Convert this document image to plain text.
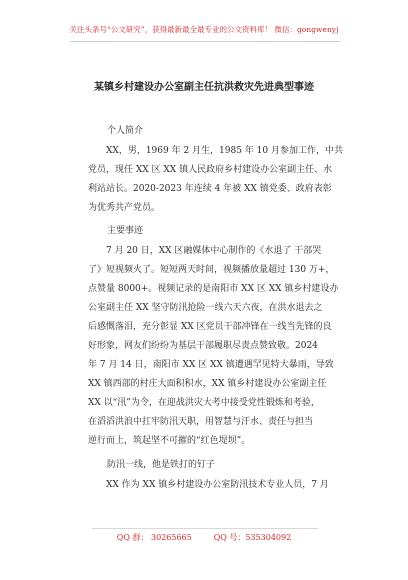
关注头条号“公文研究”，获得最新最全最专业的公文资料库！ 微信：gongwenyj
某镇乡村建设办公室副主任抗洪救灾先进典型事迹
个人简介
XX，男，1969 年 2 月生，1985 年 10 月参加工作，中共
党员，现任 XX 区 XX 镇人民政府乡村建设办公室副主任、水
利站站长。2020-2023 年连续 4 年被 XX 镇党委、政府表彰
为优秀共产党员。
主要事迹
7 月 20 日，XX 区融媒体中心制作的《水退了 干部哭
了》短视频火了。短短两天时间，视频播放量超过 130 万+，
点赞量 8000+。视频记录的是南阳市 XX 区 XX 镇乡村建设办
公室副主任 XX 坚守防汛抢险一线六天六夜，在洪水退去之
后感慨落泪，充分彰显 XX 区党员干部冲锋在一线当先锋的良
好形象，网友们纷纷为基层干部履职尽责点赞致敬。2024
年 7 月 14 日，南阳市 XX 区 XX 镇遭遇罕见特大暴雨，导致
XX 镇西部的村庄大面积积水，XX 镇乡村建设办公室副主任
XX 以“汛”为令，在迎战洪灾大考中接受党性锻炼和考验，
在滔滔洪浪中扛牢防汛天职，用智慧与汗水、责任与担当
逆行而上，筑起坚不可摧的“红色堤坝”。
防汛一线，他是铁打的钉子
XX 作为 XX 镇乡村建设办公室防汛技术专业人员，7 月
QQ 群： 30265665	QQ 号：535304092
